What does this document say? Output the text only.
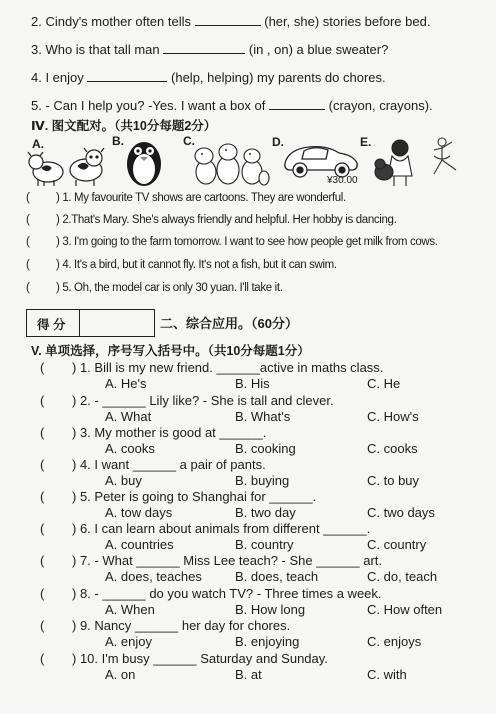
2. Cindy's mother often tells	(her, she) stories before bed.
3. Who is that tall man	(in , on) a blue sweater?
4. I enjoy	(help, helping) my parents do chores.
5. - Can I help you? -Yes. I want a box of	(crayon, crayons).
Ⅳ. 图文配对。（共10分每题2分）
A.	B.	C.	D.	E.
¥30.00
( ) 1. My favourite TV shows are cartoons. They are wonderful.
( ) 2.That's Mary. She's always friendly and helpful. Her hobby is dancing.
( ) 3. I'm going to the farm tomorrow. I want to see how people get milk from cows.
( ) 4. It's a bird, but it cannot fly. It's not a fish, but it can swim.
( ) 5. Oh, the model car is only 30 yuan. I'll take it.
得 分	二、综合应用。（60分）
V. 单项选择，序号写入括号中。（共10分每题1分）
( ) 1. Bill is my new friend. ______active in maths class.
A. He's	B. His	C. He
( ) 2. - ______ Lily like? - She is tall and clever.
A. What	B. What's	C. How's
( ) 3. My mother is good at ______.
A. cooks	B. cooking	C. cooks
( ) 4. I want ______ a pair of pants.
A. buy	B. buying	C. to buy
( ) 5. Peter is going to Shanghai for ______.
A. tow days	B. two day	C. two days
( ) 6. I can learn about animals from different ______.
A. countries	B. country	C. country
( ) 7. - What ______ Miss Lee teach? - She ______ art.
A. does, teaches	B. does, teach	C. do, teach
( ) 8. - ______ do you watch TV? - Three times a week.
A. When	B. How long	C. How often
( ) 9. Nancy ______ her day for chores.
A. enjoy	B. enjoying	C. enjoys
( ) 10. I'm busy ______ Saturday and Sunday.
A. on	B. at	C. with
